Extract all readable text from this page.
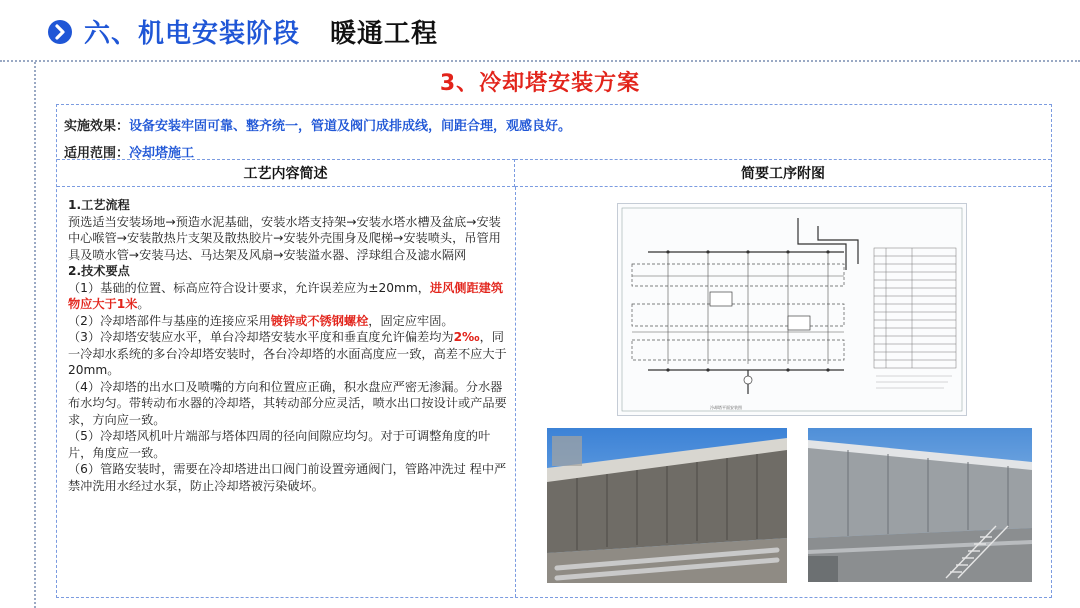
六、机电安装阶段 暖通工程
3、冷却塔安装方案
实施效果：设备安装牢固可靠、整齐统一，管道及阀门成排成线，间距合理，观感良好。
适用范围：冷却塔施工
工艺内容简述	简要工序附图

1.工艺流程

预选适当安装场地→预造水泥基础，安装水塔支持架→安装水塔水槽及盆底→安装中心喉管→安装散热片支架及散热胶片→安装外壳围身及爬梯→安装喷头，吊管用具及喷水管→安装马达、马达架及风扇→安装溢水器、浮球组合及滤水隔网

2.技术要点

（1）基础的位置、标高应符合设计要求，允许误差应为±20mm，进风侧距建筑物应大于1米。

（2）冷却塔部件与基座的连接应采用镀锌或不锈钢螺栓，固定应牢固。

（3）冷却塔安装应水平，单台冷却塔安装水平度和垂直度允许偏差均为2‰，同一冷却水系统的多台冷却塔安装时，各台冷却塔的水面高度应一致，高差不应大于20mm。

（4）冷却塔的出水口及喷嘴的方向和位置应正确，积水盘应严密无渗漏。分水器布水均匀。带转动布水器的冷却塔，其转动部分应灵活，喷水出口按设计或产品要求，方向应一致。

（5）冷却塔风机叶片端部与塔体四周的径向间隙应均匀。对于可调整角度的叶片，角度应一致。

（6）管路安装时，需要在冷却塔进出口阀门前设置旁通阀门，管路冲洗过 程中严禁冲洗用水经过水泵，防止冷却塔被污染破坏。

冷却塔平面安装图
